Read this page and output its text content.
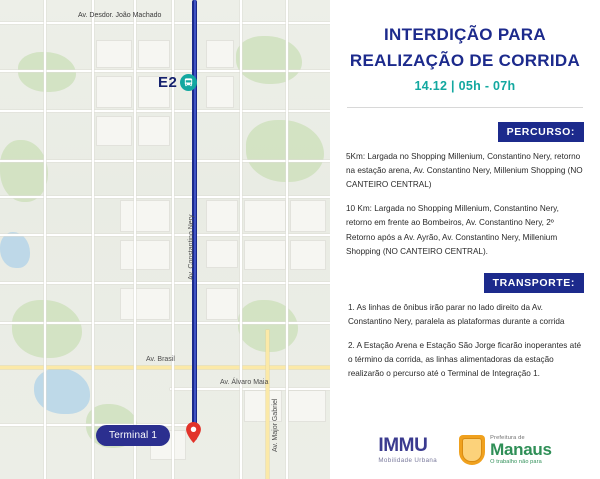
E2
Terminal 1
Av. Desdor. João Machado
Av. Constantino Nery
Av. Brasil
Av. Álvaro Maia
Av. Major Gabriel
INTERDIÇÃO PARA
REALIZAÇÃO DE CORRIDA
14.12 | 05h - 07h
PERCURSO:

5Km: Largada no Shopping Millenium, Constantino Nery, retorno na estação arena, Av. Constantino Nery, Millenium Shopping (NO CANTEIRO CENTRAL)

10 Km: Largada no Shopping Millenium, Constantino Nery, retorno em frente ao Bombeiros, Av. Constantino Nery, 2º Retorno após a Av. Ayrão, Av. Constantino Nery, Millenium Shopping (NO CANTEIRO CENTRAL).

TRANSPORTE:

1. As linhas de ônibus irão parar no lado direito da Av. Constantino Nery, paralela as plataformas durante a corrida

2. A Estação Arena e Estação São Jorge ficarão inoperantes até o término da corrida, as linhas alimentadoras da estação realizarão o percurso até o Terminal de Integração 1.

IMMU
Mobilidade Urbana
Prefeitura de
Manaus
O trabalho não para
